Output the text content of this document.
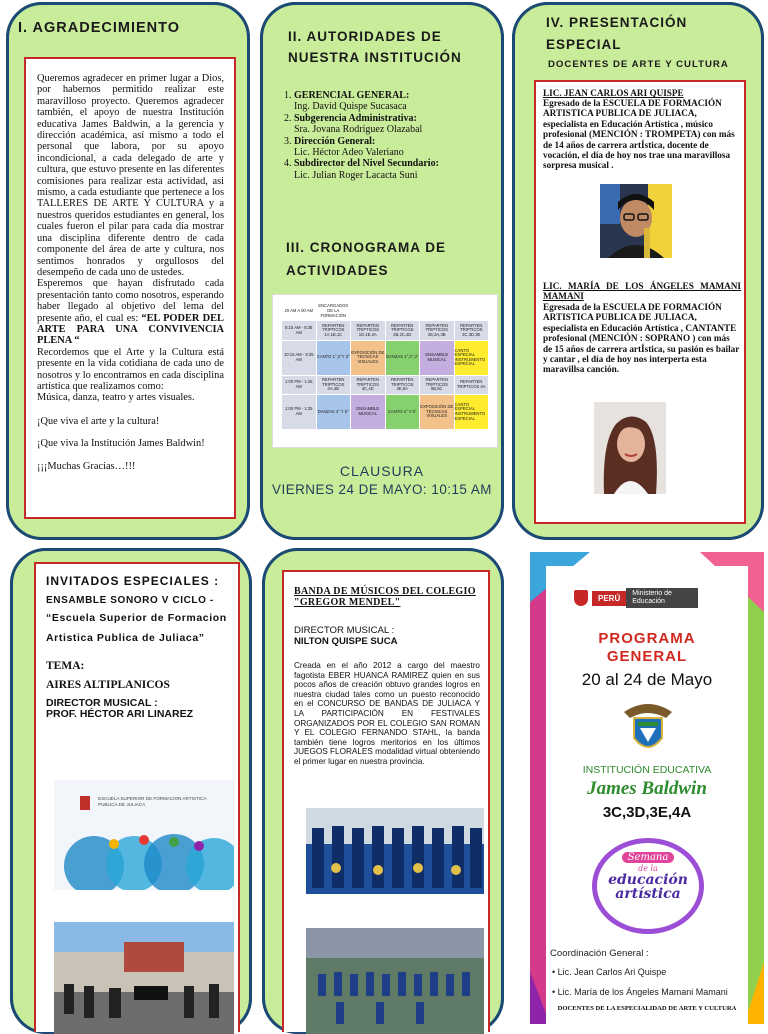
I. AGRADECIMIENTO

Queremos agradecer en primer lugar a Dios, por habernos permitido realizar este maravilloso proyecto. Queremos agradecer también, el apoyo de nuestra Institución educativa James Baldwin, a la gerencia y dirección académica, así mismo a todo el personal que labora, por su apoyo incondicional, a cada delegado de arte y cultura, que estuvo presente en las diferentes comisiones para realizar esta actividad, asi mismo, a cada estudiante que pertenece a los TALLERES DE ARTE Y CULTURA y a nuestros queridos estudiantes en general, los cuales fueron el pilar para cada día mostrar una disciplina diferente dentro de cada componente del área de arte y cultura, nos sentimos honrados y orgullosos del desempeño de cada uno de ustedes.

Esperemos que hayan disfrutado cada presentación tanto como nosotros, esperando haber llegado al objetivo del lema del presente año, el cual es: “EL PODER DEL ARTE PARA UNA CONVIVENCIA PLENA “

Recordemos que el Arte y la Cultura está presente en la vida cotidiana de cada uno de nosotros y lo encontramos en cada disciplina artística que realizamos como:

Música, danza, teatro y artes visuales.

¡Que viva el arte y la cultura!

¡Que viva la Institución James Baldwin!

¡¡¡Muchas Gracias…!!!

II. AUTORIDADES DE NUESTRA INSTITUCIÓN
1. GERENCIAL GENERAL:
Ing. David Quispe Sucasaca
2. Subgerencia Administrativa:
Sra. Jovana Rodríguez Olazabal
3. Dirección General:
Lic. Héctor Adeo Valeriano
4. Subdirector del Nivel Secundario:
Lic. Julian Roger Lacacta Suni
III. CRONOGRAMA DE ACTIVIDADES
20 AM A 00 AM	ENCARGADOS DE LA FORMACIÓN				
8:15 AM - 8:35 AM	REPARTEN TRIPTICOS 1A,1B,1C	REPARTEN TRIPTICOS 1D,1E,2A	REPARTEN TRIPTICOS 2B,2C,2D	REPARTEN TRIPTICOS 2E,3A,3B	REPARTEN TRIPTICOS 3C,3D,3E
10:15 AM - 9:35 AM	CANTO 1°,2°Y 3°	EXPOSICIÓN DE TECNICAS VISUALES	DANZAS 1°,2°,3°	ENSAMBLE MUSICAL	CANTO ESPECIAL
INSTRUMENTO ESPECIAL
1:00 PM - 1:25 AM	REPARTEN TRIPTICOS 4A,4B	REPARTEN TRIPTICOS 4C,4D	REPARTEN TRIPTICOS 4E,5A	REPARTEN TRIPTICOS 5B,5C	REPARTEN TRIPTICOS 4A
1:00 PM - 1:25 AM	DANZAS 4° Y 5°	ENSAMBLE MUSICAL	CANTO 4° Y 5°	EXPOSICIÓN DE TÉCNICAS VISUALES	CANTO ESPECIAL
INSTRUMENTO ESPECIAL

CLAUSURA
VIERNES 24 DE MAYO: 10:15 AM
IV. PRESENTACIÓN ESPECIAL
DOCENTES DE ARTE Y CULTURA
LIC. JEAN CARLOS ARI QUISPE
Egresado de la ESCUELA DE FORMACIÓN ARTISTICA PUBLICA DE JULIACA, especialista en Educación Artística , músico profesional (MENCIÓN : TROMPETA) con más de 14 años de carrera artÍstica, docente de vocación, el día de hoy nos trae una maravillosa sorpresa musical .
LIC. MARÍA DE LOS ÁNGELES MAMANI MAMANI
Egresada de la ESCUELA DE FORMACIÓN ARTISTICA PUBLICA DE JULIACA, especialista en Educación Artística , CANTANTE profesional (MENCIÓN : SOPRANO ) con más de 15 años de carrera artÍstica, su pasión es bailar y cantar , el día de hoy nos interperta esta maravillsa canción.
INVITADOS ESPECIALES :
ENSAMBLE SONORO V CICLO -
“Escuela Superior de Formacion Artistica Publica de Juliaca”
TEMA:
AIRES ALTIPLANICOS
DIRECTOR MUSICAL :
PROF. HÉCTOR ARI LINAREZ
ESCUELA SUPERIOR DE FORMACION ARTISTICA PUBLICA DE JULIACA
BANDA DE MÚSICOS DEL COLEGIO "GREGOR MENDEL"
DIRECTOR MUSICAL :
NILTON QUISPE SUCA
Creada en el año 2012 a cargo del maestro fagotista EBER HUANCA RAMIREZ quien en sus pocos años de creación obtuvo grandes logros en nuestra ciudad tales como un puesto reconocido en el CONCURSO DE BANDAS DE JULIACA Y LA PARTICIPACIÓN EN FESTIVALES ORGANIZADOS POR EL COLEGIO SAN ROMAN Y EL COLEGIO FERNANDO STAHL, la banda también tiene logros meritorios en los últimos JUEGOS FLORALES modalidad virtual obteniendo el primer lugar en nuestra provincia.
PERÚ	Ministerio de Educación
PROGRAMA
GENERAL
20 al 24 de Mayo
INSTITUCIÓN EDUCATIVA
James Baldwin
3C,3D,3E,4A
Semana
de la
educación
artística
Coordinación General :
• Lic. Jean Carlos Ari Quispe
• Lic. María de los Ángeles Mamani Mamani
DOCENTES DE LA ESPECIALIDAD DE ARTE Y CULTURA
